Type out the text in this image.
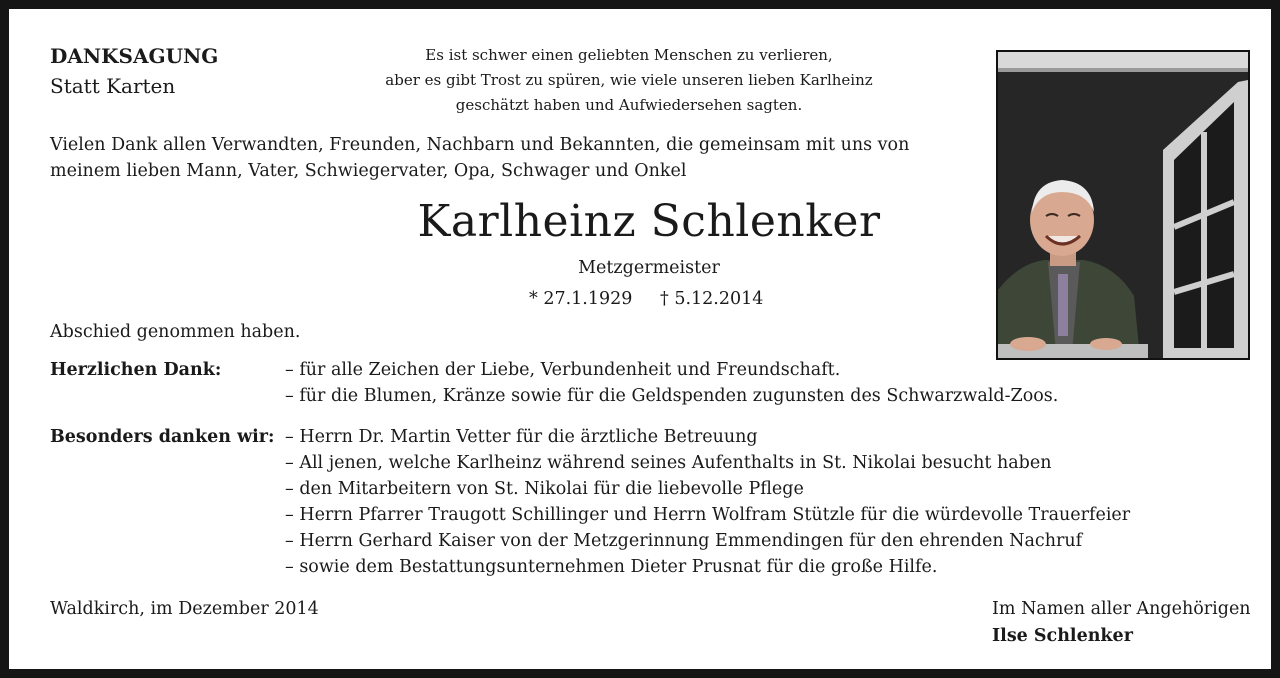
DANKSAGUNG
Statt Karten
Es ist schwer einen geliebten Menschen zu verlieren,
aber es gibt Trost zu spüren, wie viele unseren lieben Karlheinz
geschätzt haben und Aufwiedersehen sagten.
Vielen Dank allen Verwandten, Freunden, Nachbarn und Bekannten, die gemeinsam mit uns von
meinem lieben Mann, Vater, Schwiegervater, Opa, Schwager und Onkel
Karlheinz Schlenker
Metzgermeister
* 27.1.1929 † 5.12.2014
Abschied genommen haben.
Herzlichen Dank:	– für alle Zeichen der Liebe, Verbundenheit und Freundschaft.
– für die Blumen, Kränze sowie für die Geldspenden zugunsten des Schwarzwald-Zoos.
Besonders danken wir: – Herrn Dr. Martin Vetter für die ärztliche Betreuung
– All jenen, welche Karlheinz während seines Aufenthalts in St. Nikolai besucht haben
– den Mitarbeitern von St. Nikolai für die liebevolle Pflege
– Herrn Pfarrer Traugott Schillinger und Herrn Wolfram Stützle für die würdevolle Trauerfeier
– Herrn Gerhard Kaiser von der Metzgerinnung Emmendingen für den ehrenden Nachruf
– sowie dem Bestattungsunternehmen Dieter Prusnat für die große Hilfe.
Waldkirch, im Dezember 2014	Im Namen aller Angehörigen
Ilse Schlenker
